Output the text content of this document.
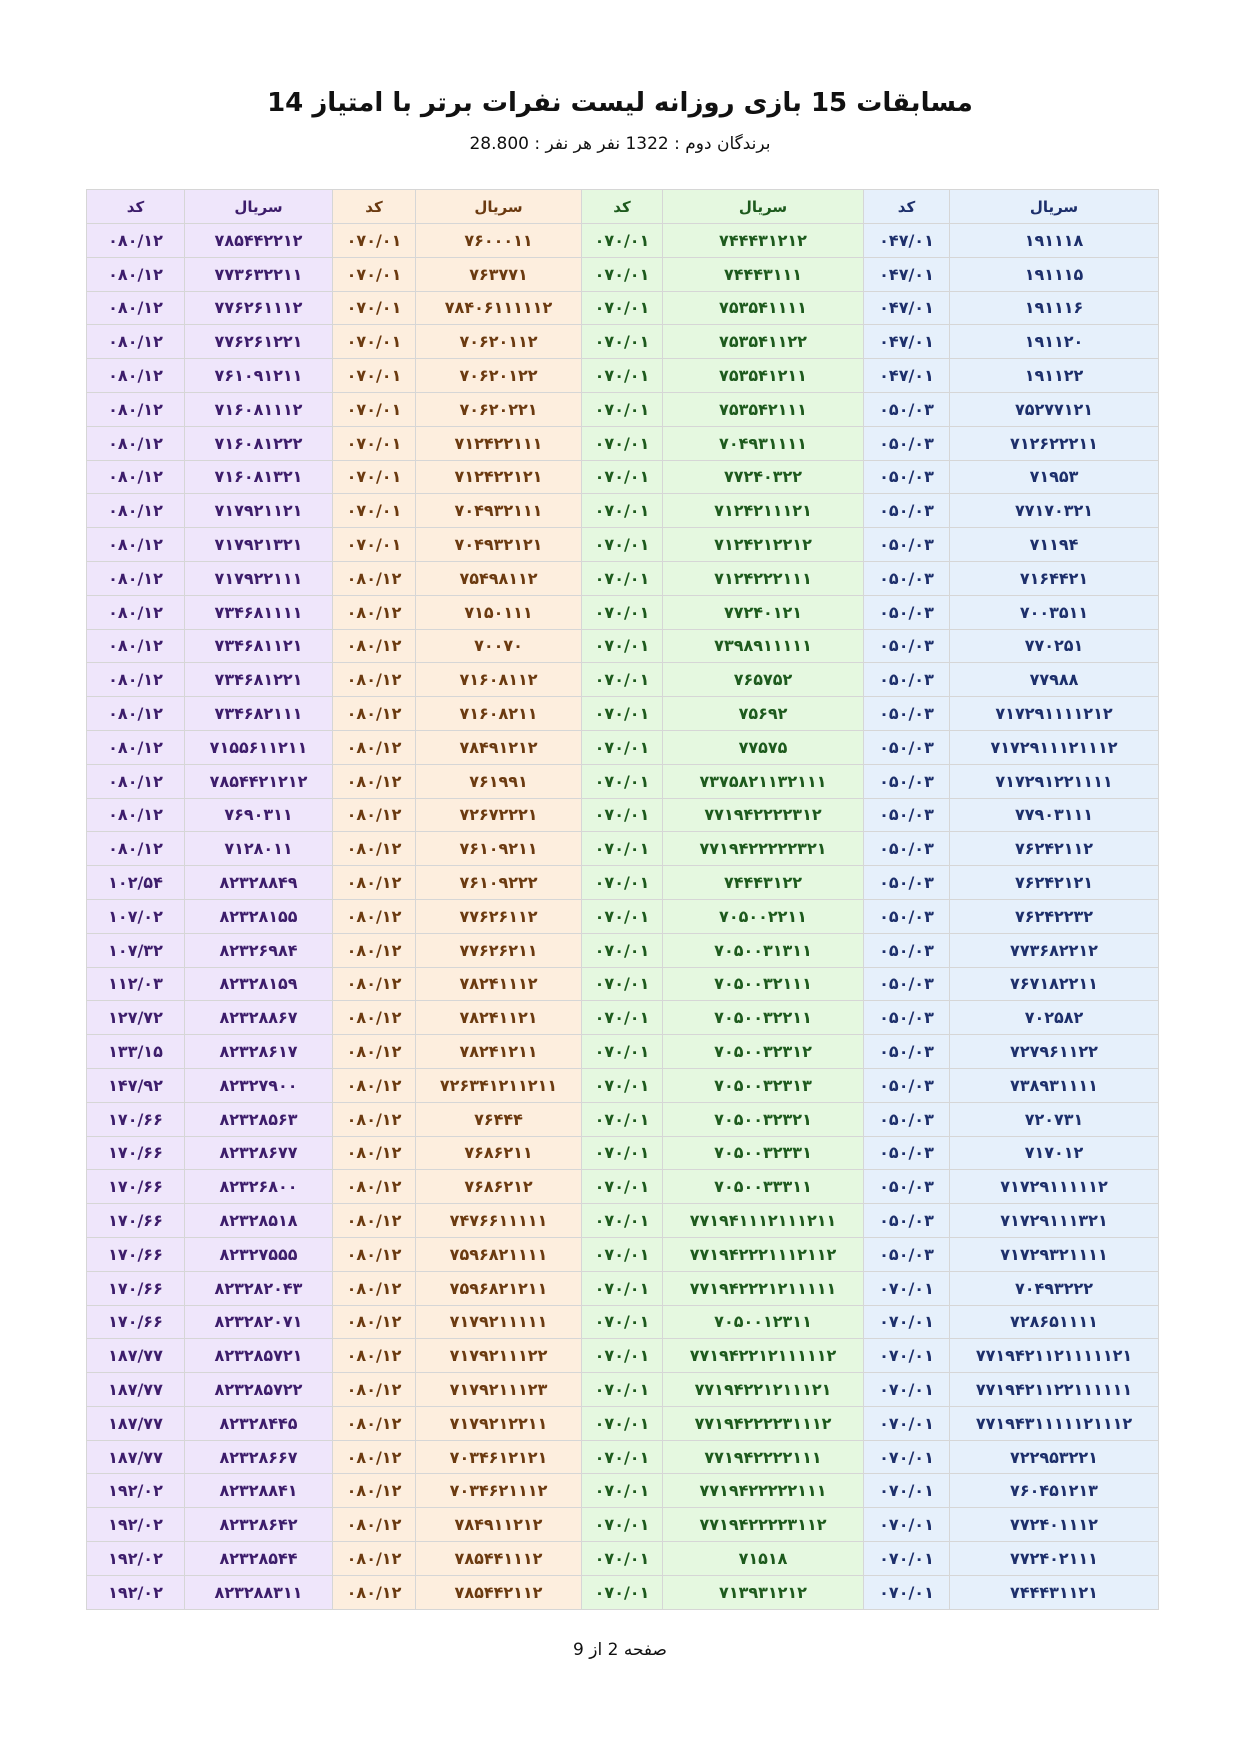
مسابقات 15 بازی روزانه لیست نفرات برتر با امتیاز 14
برندگان دوم : 1322 نفر هر نفر : 28.800
سریال	کد	سریال	کد	سریال	کد	سریال	کد
۱۹۱۱۱۸	۰۴۷/۰۱	۷۴۴۴۳۱۲۱۲	۰۷۰/۰۱	۷۶۰۰۰۱۱	۰۷۰/۰۱	۷۸۵۴۴۲۲۱۲	۰۸۰/۱۲
۱۹۱۱۱۵	۰۴۷/۰۱	۷۴۴۴۳۱۱۱	۰۷۰/۰۱	۷۶۳۷۷۱	۰۷۰/۰۱	۷۷۳۶۳۲۲۱۱	۰۸۰/۱۲
۱۹۱۱۱۶	۰۴۷/۰۱	۷۵۳۵۴۱۱۱۱	۰۷۰/۰۱	۷۸۴۰۶۱۱۱۱۱۲	۰۷۰/۰۱	۷۷۶۲۶۱۱۱۲	۰۸۰/۱۲
۱۹۱۱۲۰	۰۴۷/۰۱	۷۵۳۵۴۱۱۲۲	۰۷۰/۰۱	۷۰۶۲۰۱۱۲	۰۷۰/۰۱	۷۷۶۲۶۱۲۲۱	۰۸۰/۱۲
۱۹۱۱۲۲	۰۴۷/۰۱	۷۵۳۵۴۱۲۱۱	۰۷۰/۰۱	۷۰۶۲۰۱۲۲	۰۷۰/۰۱	۷۶۱۰۹۱۲۱۱	۰۸۰/۱۲
۷۵۲۷۷۱۲۱	۰۵۰/۰۳	۷۵۳۵۴۲۱۱۱	۰۷۰/۰۱	۷۰۶۲۰۲۲۱	۰۷۰/۰۱	۷۱۶۰۸۱۱۱۲	۰۸۰/۱۲
۷۱۲۶۲۲۲۱۱	۰۵۰/۰۳	۷۰۴۹۳۱۱۱۱	۰۷۰/۰۱	۷۱۲۴۲۲۱۱۱	۰۷۰/۰۱	۷۱۶۰۸۱۲۲۲	۰۸۰/۱۲
۷۱۹۵۳	۰۵۰/۰۳	۷۷۲۴۰۳۲۲	۰۷۰/۰۱	۷۱۲۴۲۲۱۲۱	۰۷۰/۰۱	۷۱۶۰۸۱۳۲۱	۰۸۰/۱۲
۷۷۱۷۰۳۲۱	۰۵۰/۰۳	۷۱۲۴۲۱۱۱۲۱	۰۷۰/۰۱	۷۰۴۹۳۲۱۱۱	۰۷۰/۰۱	۷۱۷۹۲۱۱۲۱	۰۸۰/۱۲
۷۱۱۹۴	۰۵۰/۰۳	۷۱۲۴۲۱۲۲۱۲	۰۷۰/۰۱	۷۰۴۹۳۲۱۲۱	۰۷۰/۰۱	۷۱۷۹۲۱۳۲۱	۰۸۰/۱۲
۷۱۶۴۴۲۱	۰۵۰/۰۳	۷۱۲۴۲۲۲۱۱۱	۰۷۰/۰۱	۷۵۴۹۸۱۱۲	۰۸۰/۱۲	۷۱۷۹۲۲۱۱۱	۰۸۰/۱۲
۷۰۰۳۵۱۱	۰۵۰/۰۳	۷۷۲۴۰۱۲۱	۰۷۰/۰۱	۷۱۵۰۱۱۱	۰۸۰/۱۲	۷۳۴۶۸۱۱۱۱	۰۸۰/۱۲
۷۷۰۲۵۱	۰۵۰/۰۳	۷۳۹۸۹۱۱۱۱۱	۰۷۰/۰۱	۷۰۰۷۰	۰۸۰/۱۲	۷۳۴۶۸۱۱۲۱	۰۸۰/۱۲
۷۷۹۸۸	۰۵۰/۰۳	۷۶۵۷۵۲	۰۷۰/۰۱	۷۱۶۰۸۱۱۲	۰۸۰/۱۲	۷۳۴۶۸۱۲۲۱	۰۸۰/۱۲
۷۱۷۲۹۱۱۱۱۲۱۲	۰۵۰/۰۳	۷۵۶۹۲	۰۷۰/۰۱	۷۱۶۰۸۲۱۱	۰۸۰/۱۲	۷۳۴۶۸۲۱۱۱	۰۸۰/۱۲
۷۱۷۲۹۱۱۱۲۱۱۱۲	۰۵۰/۰۳	۷۷۵۷۵	۰۷۰/۰۱	۷۸۴۹۱۲۱۲	۰۸۰/۱۲	۷۱۵۵۶۱۱۲۱۱	۰۸۰/۱۲
۷۱۷۲۹۱۲۲۱۱۱۱	۰۵۰/۰۳	۷۳۷۵۸۲۱۱۳۲۱۱۱	۰۷۰/۰۱	۷۶۱۹۹۱	۰۸۰/۱۲	۷۸۵۴۴۲۱۲۱۲	۰۸۰/۱۲
۷۷۹۰۳۱۱۱	۰۵۰/۰۳	۷۷۱۹۴۲۲۲۲۳۱۲	۰۷۰/۰۱	۷۲۶۷۲۲۲۱	۰۸۰/۱۲	۷۶۹۰۳۱۱	۰۸۰/۱۲
۷۶۲۴۲۱۱۲	۰۵۰/۰۳	۷۷۱۹۴۲۲۲۲۲۳۲۱	۰۷۰/۰۱	۷۶۱۰۹۲۱۱	۰۸۰/۱۲	۷۱۲۸۰۱۱	۰۸۰/۱۲
۷۶۲۴۲۱۲۱	۰۵۰/۰۳	۷۴۴۴۳۱۲۲	۰۷۰/۰۱	۷۶۱۰۹۲۲۲	۰۸۰/۱۲	۸۲۳۲۸۸۴۹	۱۰۲/۵۴
۷۶۲۴۲۲۳۲	۰۵۰/۰۳	۷۰۵۰۰۲۲۱۱	۰۷۰/۰۱	۷۷۶۲۶۱۱۲	۰۸۰/۱۲	۸۲۳۲۸۱۵۵	۱۰۷/۰۲
۷۷۳۶۸۲۲۱۲	۰۵۰/۰۳	۷۰۵۰۰۳۱۳۱۱	۰۷۰/۰۱	۷۷۶۲۶۲۱۱	۰۸۰/۱۲	۸۲۳۲۶۹۸۴	۱۰۷/۳۲
۷۶۷۱۸۲۲۱۱	۰۵۰/۰۳	۷۰۵۰۰۳۲۱۱۱	۰۷۰/۰۱	۷۸۲۴۱۱۱۲	۰۸۰/۱۲	۸۲۳۲۸۱۵۹	۱۱۲/۰۳
۷۰۲۵۸۲	۰۵۰/۰۳	۷۰۵۰۰۳۲۲۱۱	۰۷۰/۰۱	۷۸۲۴۱۱۲۱	۰۸۰/۱۲	۸۲۳۲۸۸۶۷	۱۲۷/۷۲
۷۲۷۹۶۱۱۲۲	۰۵۰/۰۳	۷۰۵۰۰۳۲۳۱۲	۰۷۰/۰۱	۷۸۲۴۱۲۱۱	۰۸۰/۱۲	۸۲۳۲۸۶۱۷	۱۳۳/۱۵
۷۳۸۹۳۱۱۱۱	۰۵۰/۰۳	۷۰۵۰۰۳۲۳۱۳	۰۷۰/۰۱	۷۲۶۳۴۱۲۱۱۲۱۱	۰۸۰/۱۲	۸۲۳۲۷۹۰۰	۱۴۷/۹۲
۷۲۰۷۳۱	۰۵۰/۰۳	۷۰۵۰۰۳۲۳۲۱	۰۷۰/۰۱	۷۶۴۴۴	۰۸۰/۱۲	۸۲۳۲۸۵۶۳	۱۷۰/۶۶
۷۱۷۰۱۲	۰۵۰/۰۳	۷۰۵۰۰۳۲۳۳۱	۰۷۰/۰۱	۷۶۸۶۲۱۱	۰۸۰/۱۲	۸۲۳۲۸۶۷۷	۱۷۰/۶۶
۷۱۷۲۹۱۱۱۱۱۲	۰۵۰/۰۳	۷۰۵۰۰۳۳۳۱۱	۰۷۰/۰۱	۷۶۸۶۲۱۲	۰۸۰/۱۲	۸۲۳۲۶۸۰۰	۱۷۰/۶۶
۷۱۷۲۹۱۱۱۳۲۱	۰۵۰/۰۳	۷۷۱۹۴۱۱۱۲۱۱۱۲۱۱	۰۷۰/۰۱	۷۴۷۶۶۱۱۱۱۱	۰۸۰/۱۲	۸۲۳۲۸۵۱۸	۱۷۰/۶۶
۷۱۷۲۹۳۲۱۱۱۱	۰۵۰/۰۳	۷۷۱۹۴۲۲۲۱۱۱۲۱۱۲	۰۷۰/۰۱	۷۵۹۶۸۲۱۱۱۱	۰۸۰/۱۲	۸۲۳۲۷۵۵۵	۱۷۰/۶۶
۷۰۴۹۳۲۲۲	۰۷۰/۰۱	۷۷۱۹۴۲۲۲۱۲۱۱۱۱۱	۰۷۰/۰۱	۷۵۹۶۸۲۱۲۱۱	۰۸۰/۱۲	۸۲۳۲۸۲۰۴۳	۱۷۰/۶۶
۷۲۸۶۵۱۱۱۱	۰۷۰/۰۱	۷۰۵۰۰۱۲۳۱۱	۰۷۰/۰۱	۷۱۷۹۲۱۱۱۱۱	۰۸۰/۱۲	۸۲۳۲۸۲۰۷۱	۱۷۰/۶۶
۷۷۱۹۴۲۱۱۲۱۱۱۱۱۲۱	۰۷۰/۰۱	۷۷۱۹۴۲۲۱۲۱۱۱۱۱۲	۰۷۰/۰۱	۷۱۷۹۲۱۱۱۲۲	۰۸۰/۱۲	۸۲۳۲۸۵۷۲۱	۱۸۷/۷۷
۷۷۱۹۴۲۱۱۲۲۱۱۱۱۱۱	۰۷۰/۰۱	۷۷۱۹۴۲۲۱۲۱۱۱۲۱	۰۷۰/۰۱	۷۱۷۹۲۱۱۱۲۳	۰۸۰/۱۲	۸۲۳۲۸۵۷۲۲	۱۸۷/۷۷
۷۷۱۹۴۳۱۱۱۱۱۲۱۱۱۲	۰۷۰/۰۱	۷۷۱۹۴۲۲۲۲۳۱۱۱۲	۰۷۰/۰۱	۷۱۷۹۲۱۲۲۱۱	۰۸۰/۱۲	۸۲۳۲۸۴۴۵	۱۸۷/۷۷
۷۲۲۹۵۳۲۲۱	۰۷۰/۰۱	۷۷۱۹۴۲۲۲۲۱۱۱	۰۷۰/۰۱	۷۰۳۴۶۱۲۱۲۱	۰۸۰/۱۲	۸۲۳۲۸۶۶۷	۱۸۷/۷۷
۷۶۰۴۵۱۲۱۳	۰۷۰/۰۱	۷۷۱۹۴۲۲۲۲۲۱۱۱	۰۷۰/۰۱	۷۰۳۴۶۲۱۱۱۲	۰۸۰/۱۲	۸۲۳۲۸۸۴۱	۱۹۲/۰۲
۷۷۲۴۰۱۱۱۲	۰۷۰/۰۱	۷۷۱۹۴۲۲۲۲۳۱۱۲	۰۷۰/۰۱	۷۸۴۹۱۱۲۱۲	۰۸۰/۱۲	۸۲۳۲۸۶۴۲	۱۹۲/۰۲
۷۷۲۴۰۲۱۱۱	۰۷۰/۰۱	۷۱۵۱۸	۰۷۰/۰۱	۷۸۵۴۴۱۱۱۲	۰۸۰/۱۲	۸۲۳۲۸۵۴۴	۱۹۲/۰۲
۷۴۴۴۳۱۱۲۱	۰۷۰/۰۱	۷۱۳۹۳۱۲۱۲	۰۷۰/۰۱	۷۸۵۴۴۲۱۱۲	۰۸۰/۱۲	۸۲۳۲۸۸۳۱۱	۱۹۲/۰۲
صفحه 2 از 9
